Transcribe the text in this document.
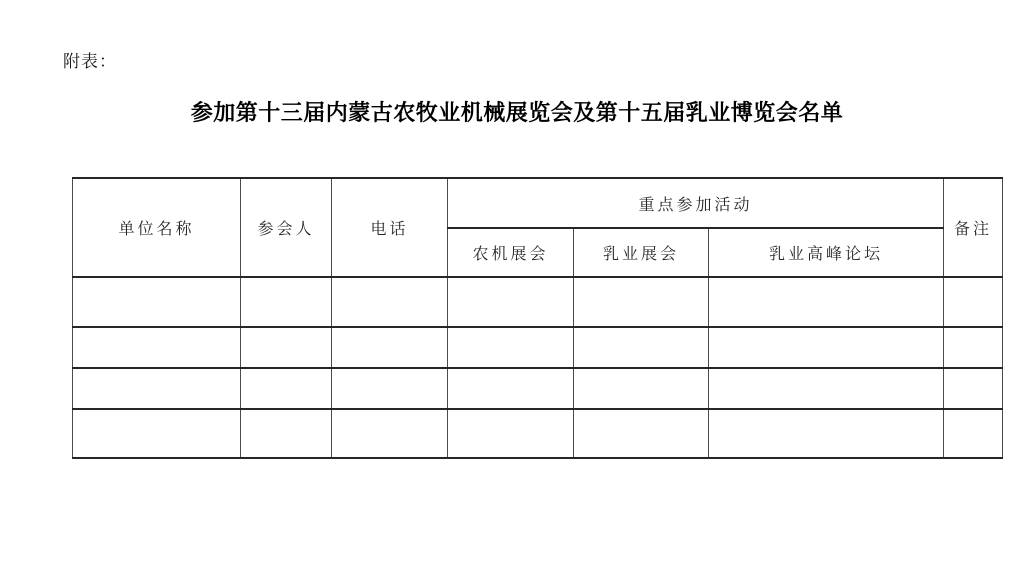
附表：
参加第十三届内蒙古农牧业机械展览会及第十五届乳业博览会名单
单位名称	参会人	电话	重点参加活动			备注
			农机展会	乳业展会	乳业高峰论坛	
